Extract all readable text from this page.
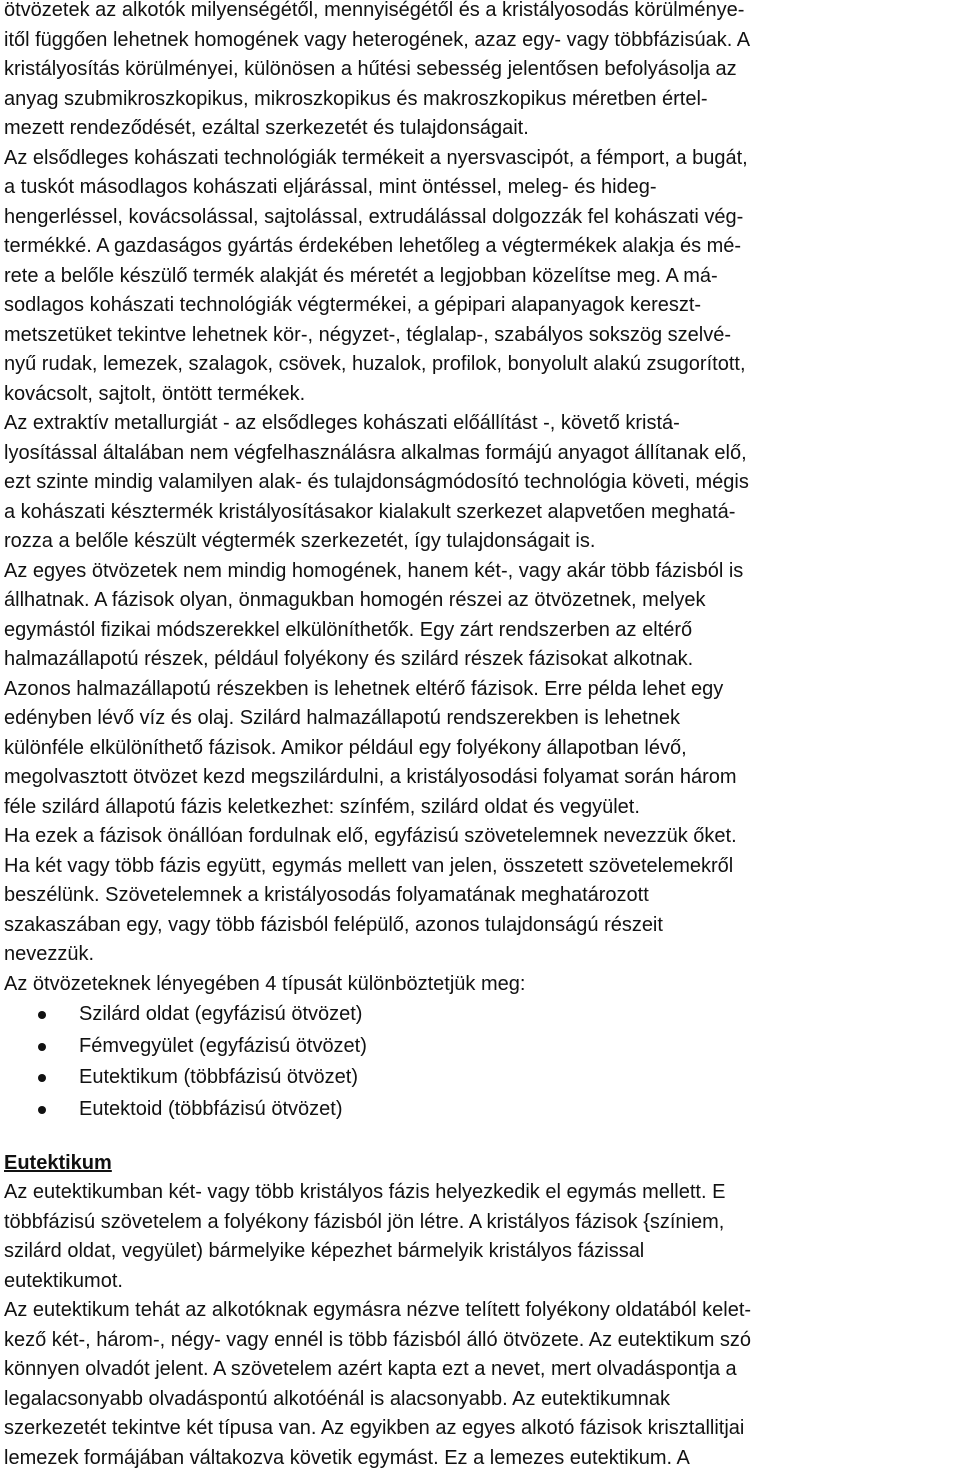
ötvözetek az alkotók milyenségétől, mennyiségétől és a kristályosodás körülménye-
itől függően lehetnek homogének vagy heterogének, azaz egy- vagy többfázisúak. A
kristályosítás körülményei, különösen a hűtési sebesség jelentősen befolyásolja az
anyag szubmikroszkopikus, mikroszkopikus és makroszkopikus méretben értel-
mezett rendeződését, ezáltal szerkezetét és tulajdonságait.
Az elsődleges kohászati technológiák termékeit a nyersvascipót, a fémport, a bugát,
a tuskót másodlagos kohászati eljárással, mint öntéssel, meleg- és hideg-
hengerléssel, kovácsolással, sajtolással, extrudálással dolgozzák fel kohászati vég-
termékké. A gazdaságos gyártás érdekében lehetőleg a végtermékek alakja és mé-
rete a belőle készülő termék alakját és méretét a legjobban közelítse meg. A má-
sodlagos kohászati technológiák végtermékei, a gépipari alapanyagok kereszt-
metszetüket tekintve lehetnek kör-, négyzet-, téglalap-, szabályos sokszög szelvé-
nyű rudak, lemezek, szalagok, csövek, huzalok, profilok, bonyolult alakú zsugorított,
kovácsolt, sajtolt, öntött termékek.
Az extraktív metallurgiát - az elsődleges kohászati előállítást -, követő kristá-
lyosítással általában nem végfelhasználásra alkalmas formájú anyagot állítanak elő,
ezt szinte mindig valamilyen alak- és tulajdonságmódosító technológia követi, mégis
a kohászati késztermék kristályosításakor kialakult szerkezet alapvetően meghatá-
rozza a belőle készült végtermék szerkezetét, így tulajdonságait is.
Az egyes ötvözetek nem mindig homogének, hanem két-, vagy akár több fázisból is
állhatnak. A fázisok olyan, önmagukban homogén részei az ötvözetnek, melyek
egymástól fizikai módszerekkel elkülöníthetők. Egy zárt rendszerben az eltérő
halmazállapotú részek, például folyékony és szilárd részek fázisokat alkotnak.
Azonos halmazállapotú részekben is lehetnek eltérő fázisok. Erre példa lehet egy
edényben lévő víz és olaj. Szilárd halmazállapotú rendszerekben is lehetnek
különféle elkülöníthető fázisok. Amikor például egy folyékony állapotban lévő,
megolvasztott ötvözet kezd megszilárdulni, a kristályosodási folyamat során három
féle szilárd állapotú fázis keletkezhet: színfém, szilárd oldat és vegyület.
Ha ezek a fázisok önállóan fordulnak elő, egyfázisú szövetelemnek nevezzük őket.
Ha két vagy több fázis együtt, egymás mellett van jelen, összetett szövetelemekről
beszélünk. Szövetelemnek a kristályosodás folyamatának meghatározott
szakaszában egy, vagy több fázisból felépülő, azonos tulajdonságú részeit
nevezzük.
Az ötvözeteknek lényegében 4 típusát különböztetjük meg:
Szilárd oldat (egyfázisú ötvözet)
Fémvegyület (egyfázisú ötvözet)
Eutektikum (többfázisú ötvözet)
Eutektoid (többfázisú ötvözet)
Eutektikum
Az eutektikumban két- vagy több kristályos fázis helyezkedik el egymás mellett. E
többfázisú szövetelem a folyékony fázisból jön létre. A kristályos fázisok {színiem,
szilárd oldat, vegyület) bármelyike képezhet bármelyik kristályos fázissal
eutektikumot.
Az eutektikum tehát az alkotóknak egymásra nézve telített folyékony oldatából kelet-
kező két-, három-, négy- vagy ennél is több fázisból álló ötvözete. Az eutektikum szó
könnyen olvadót jelent. A szövetelem azért kapta ezt a nevet, mert olvadáspontja a
legalacsonyabb olvadáspontú alkotóénál is alacsonyabb. Az eutektikumnak
szerkezetét tekintve két típusa van. Az egyikben az egyes alkotó fázisok krisztallitjai
lemezek formájában váltakozva követik egymást. Ez a lemezes eutektikum. A
